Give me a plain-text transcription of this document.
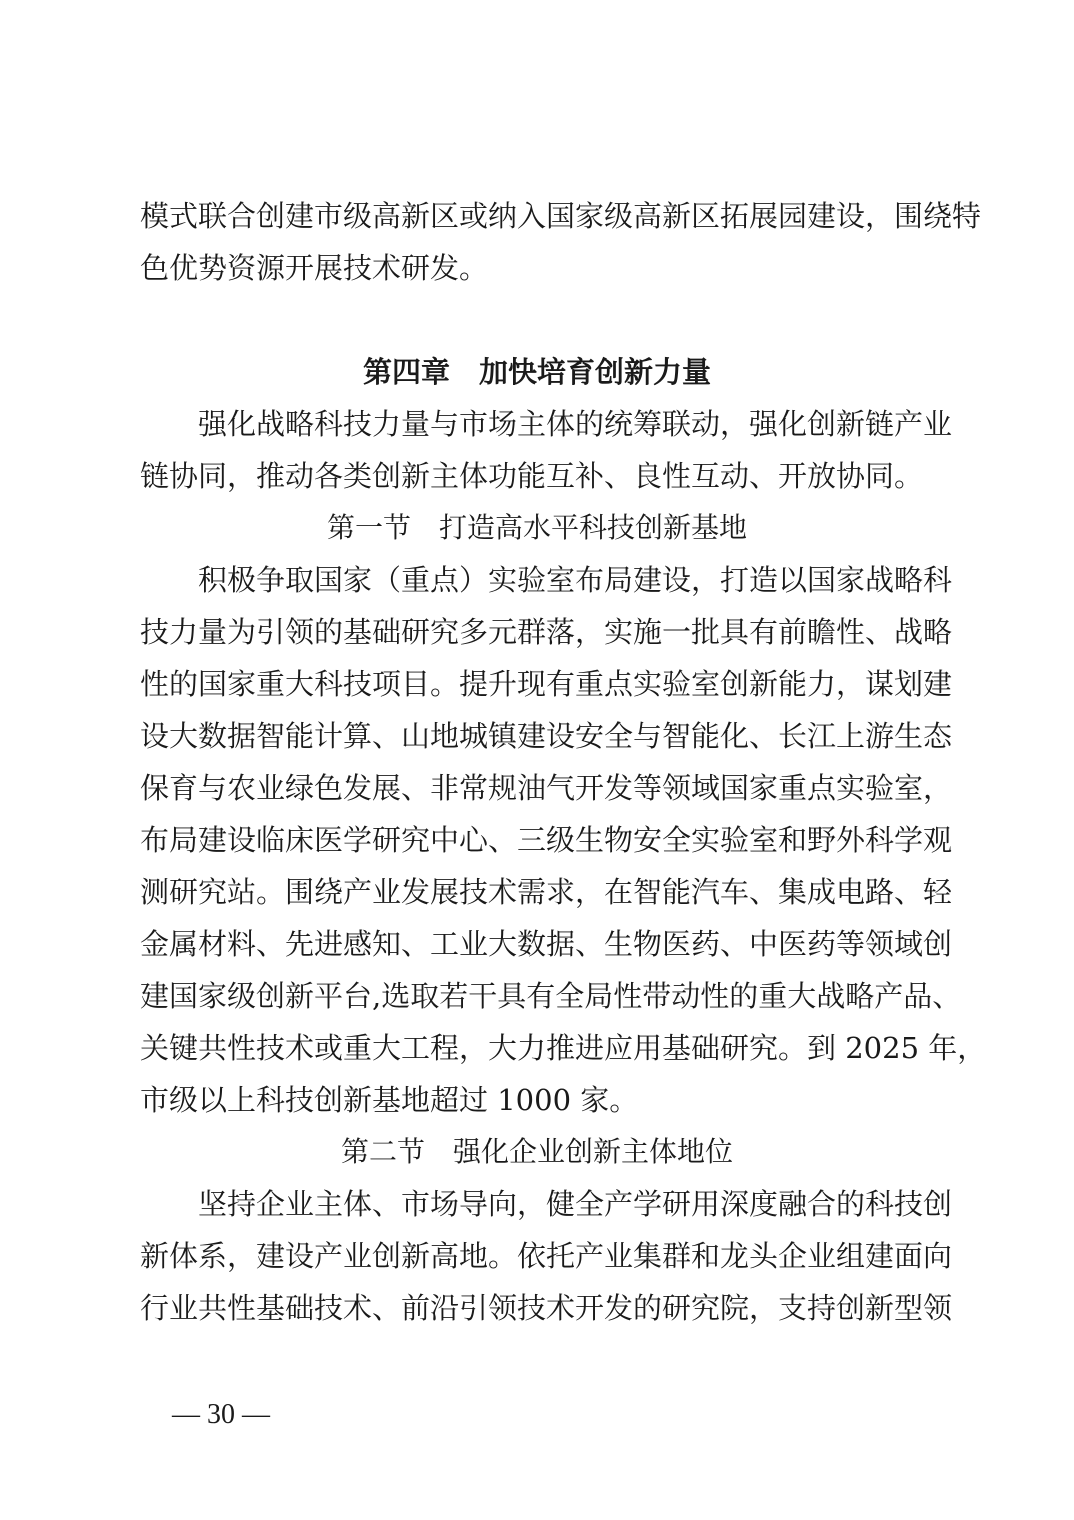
模式联合创建市级高新区或纳入国家级高新区拓展园建设，围绕特
色优势资源开展技术研发。
第四章　加快培育创新力量
强化战略科技力量与市场主体的统筹联动，强化创新链产业
链协同，推动各类创新主体功能互补、良性互动、开放协同。
第一节　打造高水平科技创新基地
积极争取国家（重点）实验室布局建设，打造以国家战略科
技力量为引领的基础研究多元群落，实施一批具有前瞻性、战略
性的国家重大科技项目。提升现有重点实验室创新能力，谋划建
设大数据智能计算、山地城镇建设安全与智能化、长江上游生态
保育与农业绿色发展、非常规油气开发等领域国家重点实验室，
布局建设临床医学研究中心、三级生物安全实验室和野外科学观
测研究站。围绕产业发展技术需求，在智能汽车、集成电路、轻
金属材料、先进感知、工业大数据、生物医药、中医药等领域创
建国家级创新平台,选取若干具有全局性带动性的重大战略产品、
关键共性技术或重大工程，大力推进应用基础研究。到 2025 年，
市级以上科技创新基地超过 1000 家。
第二节　强化企业创新主体地位
坚持企业主体、市场导向，健全产学研用深度融合的科技创
新体系，建设产业创新高地。依托产业集群和龙头企业组建面向
行业共性基础技术、前沿引领技术开发的研究院，支持创新型领
— 30 —
